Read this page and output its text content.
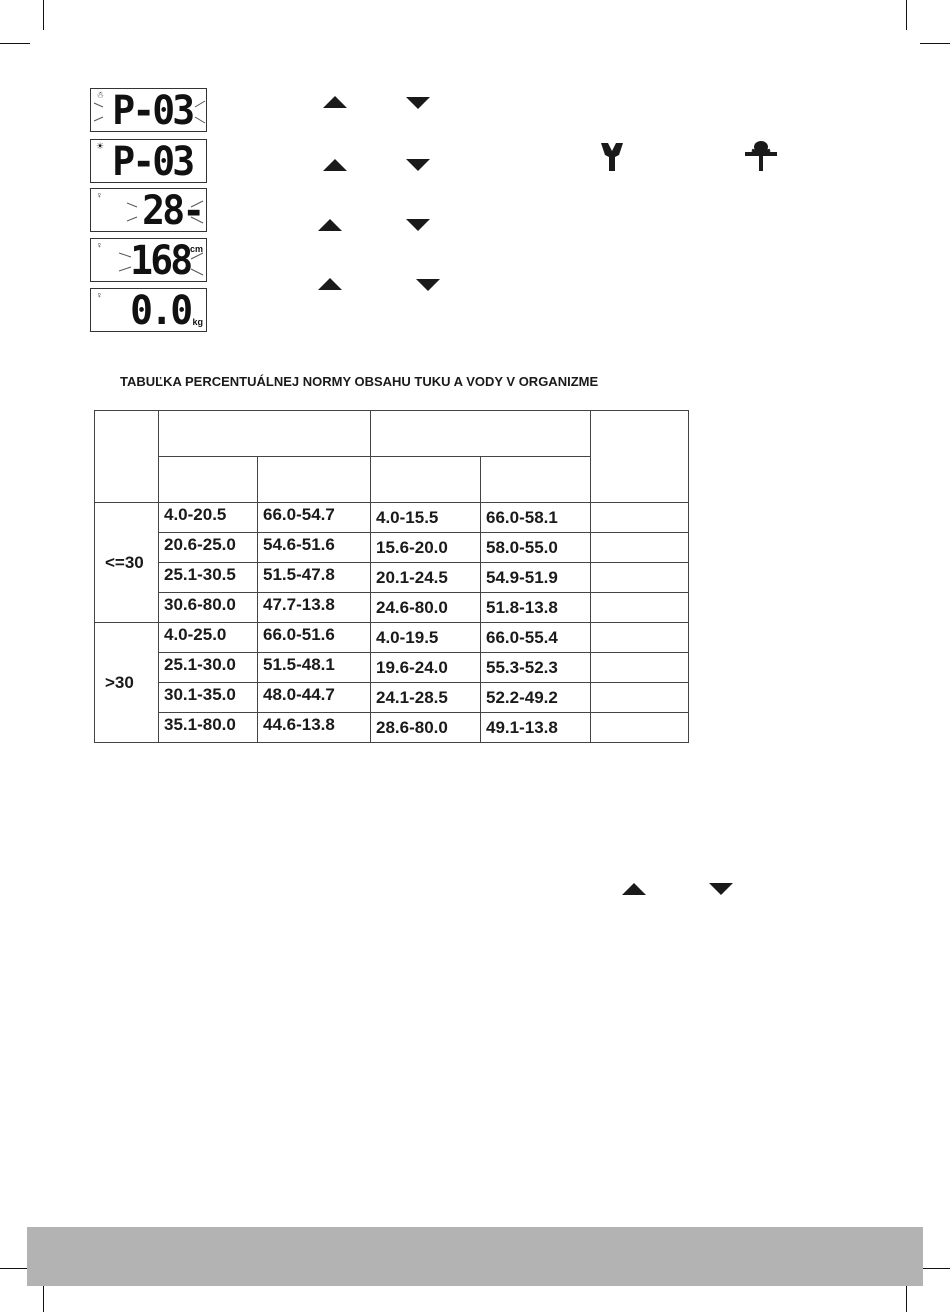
☃ P-03
☀ P-03
♀ 28-
♀ 168 cm
♀ 0.0 kg
TABUĽKA PERCENTUÁLNEJ NORMY OBSAHU TUKU A VODY V ORGANIZME

<=30	4.0-20.5	66.0-54.7	4.0-15.5	66.0-58.1	
	20.6-25.0	54.6-51.6	15.6-20.0	58.0-55.0	
	25.1-30.5	51.5-47.8	20.1-24.5	54.9-51.9	
	30.6-80.0	47.7-13.8	24.6-80.0	51.8-13.8	
>30	4.0-25.0	66.0-51.6	4.0-19.5	66.0-55.4	
	25.1-30.0	51.5-48.1	19.6-24.0	55.3-52.3	
	30.1-35.0	48.0-44.7	24.1-28.5	52.2-49.2	
	35.1-80.0	44.6-13.8	28.6-80.0	49.1-13.8	
